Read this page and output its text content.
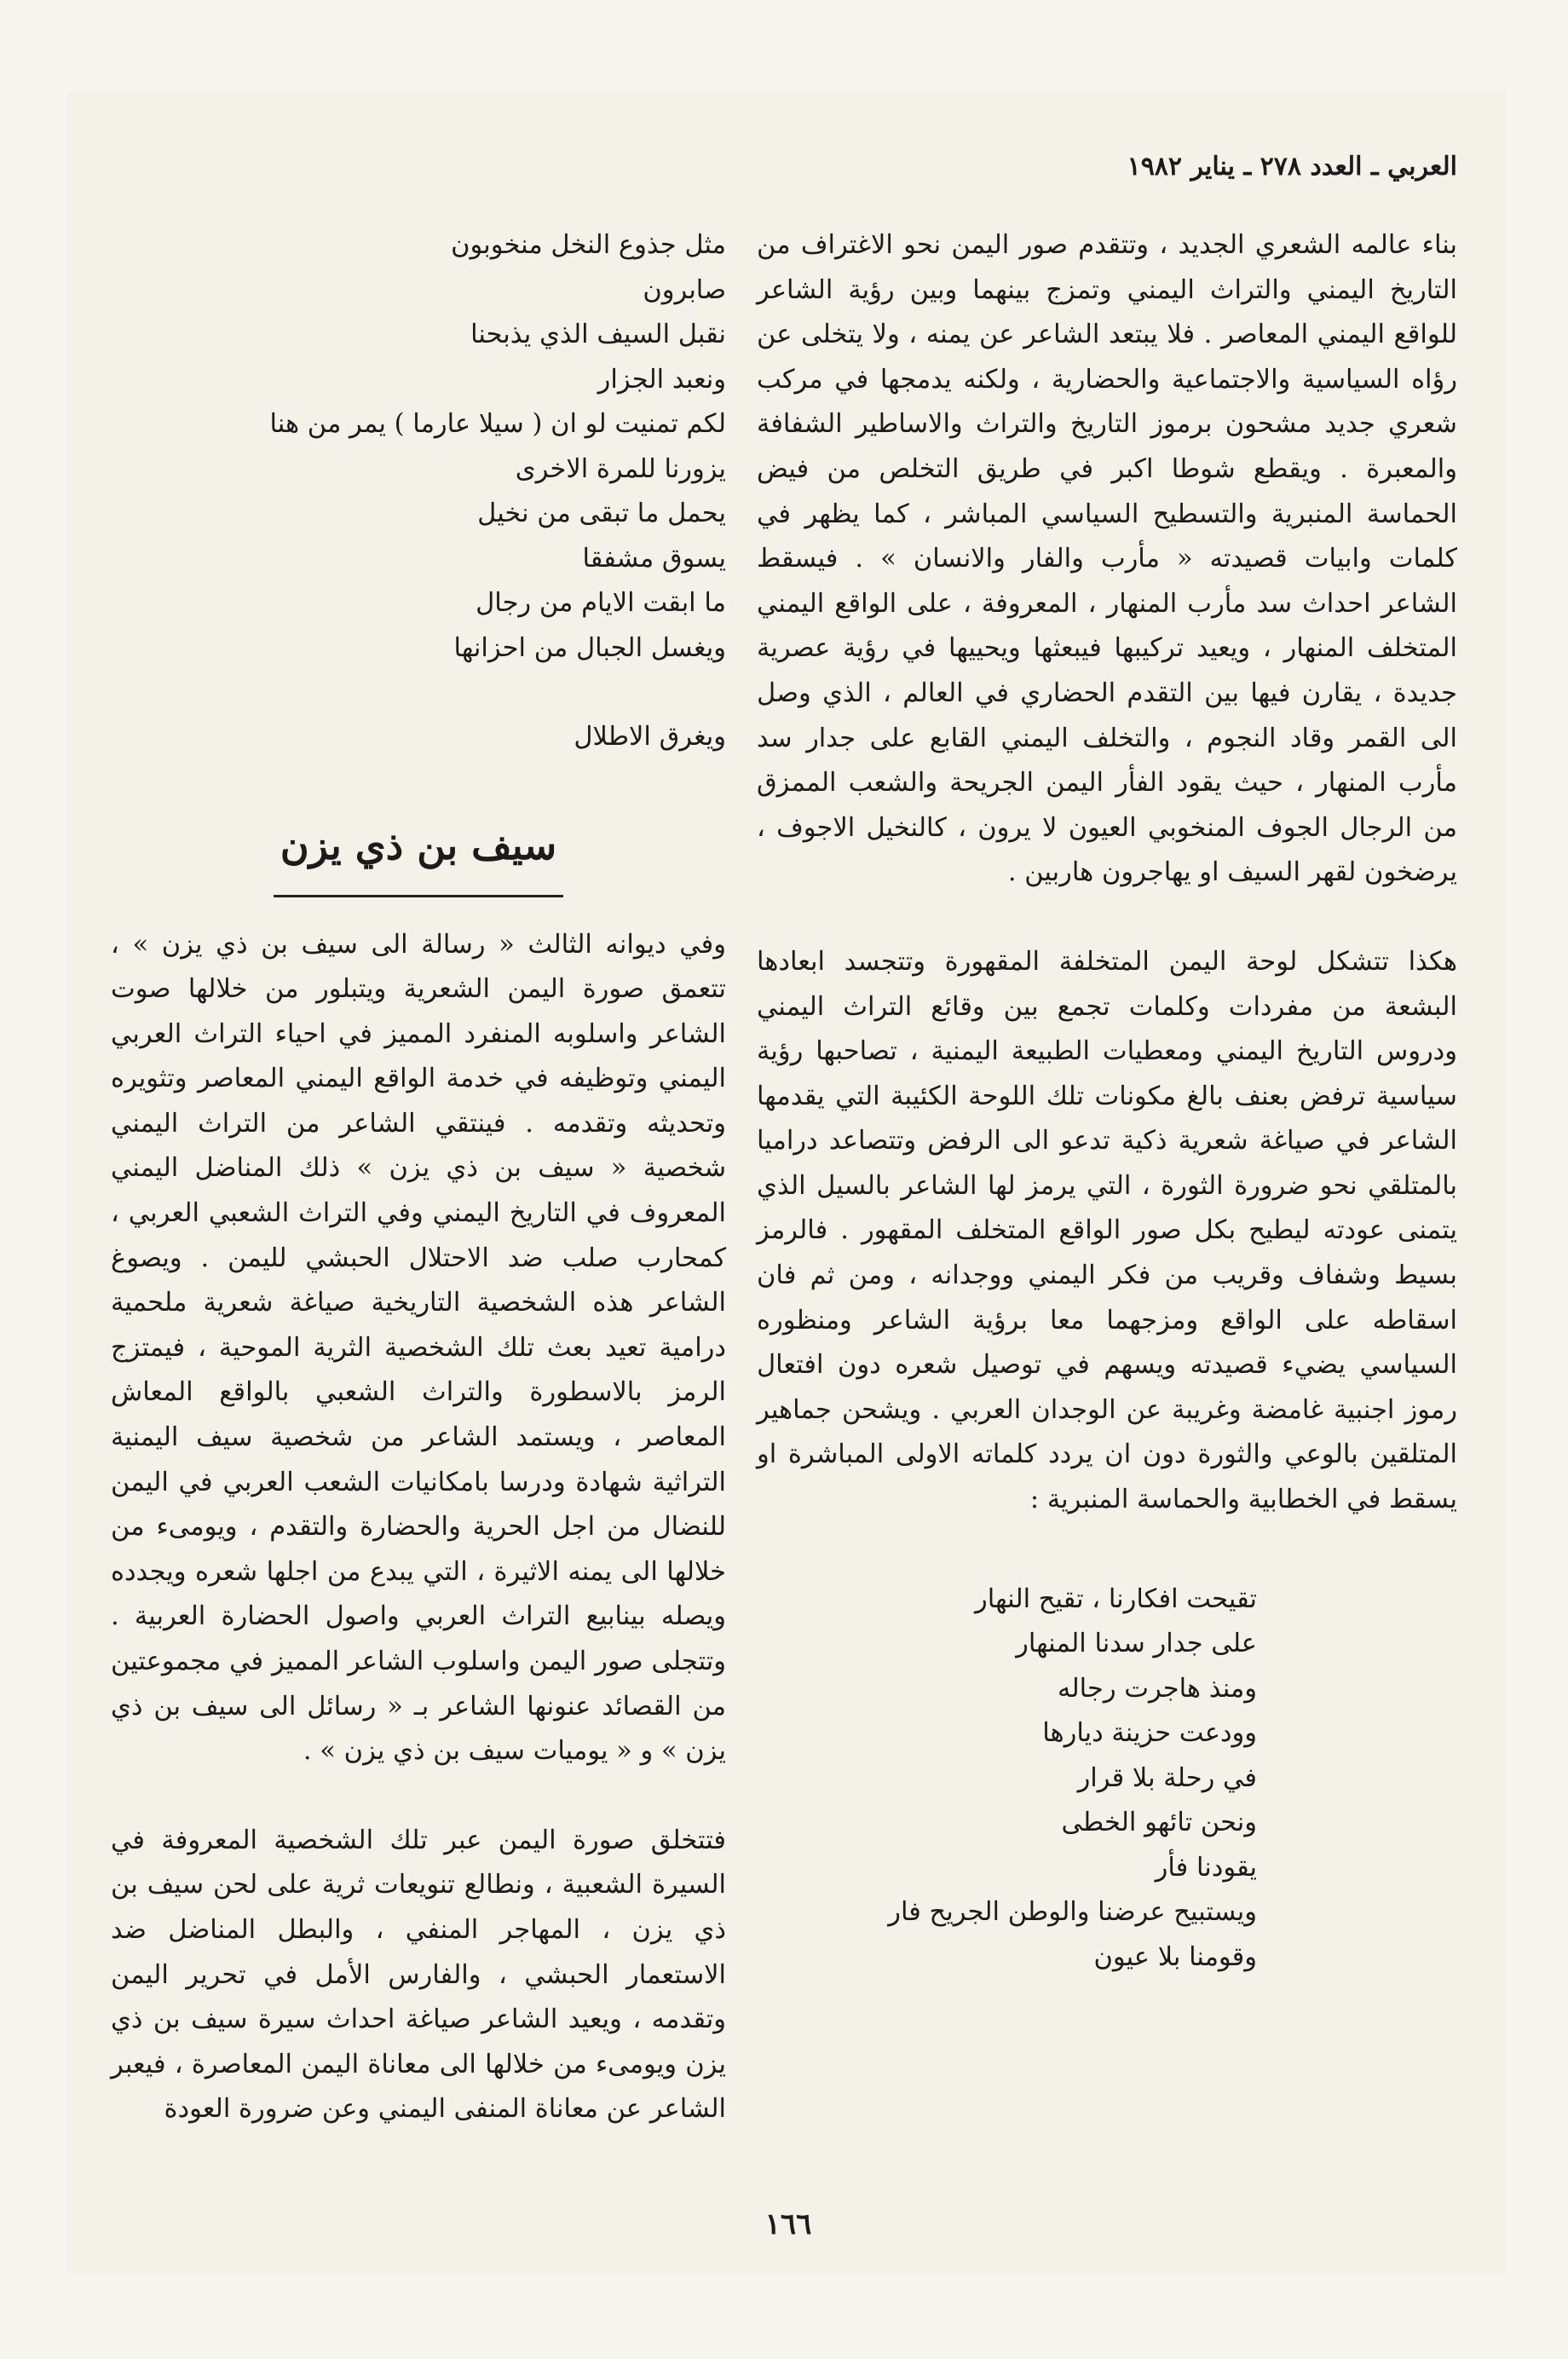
العربي ـ العدد ٢٧٨ ـ يناير ١٩٨٢

بناء عالمه الشعري الجديد ، وتتقدم صور اليمن نحو الاغتراف من التاريخ اليمني والتراث اليمني وتمزج بينهما وبين رؤية الشاعر للواقع اليمني المعاصر . فلا يبتعد الشاعر عن يمنه ، ولا يتخلى عن رؤاه السياسية والاجتماعية والحضارية ، ولكنه يدمجها في مركب شعري جديد مشحون برموز التاريخ والتراث والاساطير الشفافة والمعبرة . ويقطع شوطا اكبر في طريق التخلص من فيض الحماسة المنبرية والتسطيح السياسي المباشر ، كما يظهر في كلمات وابيات قصيدته « مأرب والفار والانسان » . فيسقط الشاعر احداث سد مأرب المنهار ، المعروفة ، على الواقع اليمني المتخلف المنهار ، ويعيد تركيبها فيبعثها ويحييها في رؤية عصرية جديدة ، يقارن فيها بين التقدم الحضاري في العالم ، الذي وصل الى القمر وقاد النجوم ، والتخلف اليمني القابع على جدار سد مأرب المنهار ، حيث يقود الفأر اليمن الجريحة والشعب الممزق من الرجال الجوف المنخوبي العيون لا يرون ، كالنخيل الاجوف ، يرضخون لقهر السيف او يهاجرون هاربين .

هكذا تتشكل لوحة اليمن المتخلفة المقهورة وتتجسد ابعادها البشعة من مفردات وكلمات تجمع بين وقائع التراث اليمني ودروس التاريخ اليمني ومعطيات الطبيعة اليمنية ، تصاحبها رؤية سياسية ترفض بعنف بالغ مكونات تلك اللوحة الكئيبة التي يقدمها الشاعر في صياغة شعرية ذكية تدعو الى الرفض وتتصاعد دراميا بالمتلقي نحو ضرورة الثورة ، التي يرمز لها الشاعر بالسيل الذي يتمنى عودته ليطيح بكل صور الواقع المتخلف المقهور . فالرمز بسيط وشفاف وقريب من فكر اليمني ووجدانه ، ومن ثم فان اسقاطه على الواقع ومزجهما معا برؤية الشاعر ومنظوره السياسي يضيء قصيدته ويسهم في توصيل شعره دون افتعال رموز اجنبية غامضة وغريبة عن الوجدان العربي . ويشحن جماهير المتلقين بالوعي والثورة دون ان يردد كلماته الاولى المباشرة او يسقط في الخطابية والحماسة المنبرية :

تقيحت افكارنا ، تقيح النهار
على جدار سدنا المنهار
ومنذ هاجرت رجاله
وودعت حزينة ديارها
في رحلة بلا قرار
ونحن تائهو الخطى
يقودنا فأر
ويستبيح عرضنا والوطن الجريح فار
وقومنا بلا عيون
مثل جذوع النخل منخوبون
صابرون
نقبل السيف الذي يذبحنا
ونعبد الجزار
لكم تمنيت لو ان ( سيلا عارما ) يمر من هنا
يزورنا للمرة الاخرى
يحمل ما تبقى من نخيل
يسوق مشفقا
ما ابقت الايام من رجال
ويغسل الجبال من احزانها
ويغرق الاطلال
سيف بن ذي يزن

وفي ديوانه الثالث « رسالة الى سيف بن ذي يزن » ، تتعمق صورة اليمن الشعرية ويتبلور من خلالها صوت الشاعر واسلوبه المنفرد المميز في احياء التراث العربي اليمني وتوظيفه في خدمة الواقع اليمني المعاصر وتثويره وتحديثه وتقدمه . فينتقي الشاعر من التراث اليمني شخصية « سيف بن ذي يزن » ذلك المناضل اليمني المعروف في التاريخ اليمني وفي التراث الشعبي العربي ، كمحارب صلب ضد الاحتلال الحبشي لليمن . ويصوغ الشاعر هذه الشخصية التاريخية صياغة شعرية ملحمية درامية تعيد بعث تلك الشخصية الثرية الموحية ، فيمتزج الرمز بالاسطورة والتراث الشعبي بالواقع المعاش المعاصر ، ويستمد الشاعر من شخصية سيف اليمنية التراثية شهادة ودرسا بامكانيات الشعب العربي في اليمن للنضال من اجل الحرية والحضارة والتقدم ، ويومىء من خلالها الى يمنه الاثيرة ، التي يبدع من اجلها شعره ويجدده ويصله بينابيع التراث العربي واصول الحضارة العربية . وتتجلى صور اليمن واسلوب الشاعر المميز في مجموعتين من القصائد عنونها الشاعر بـ « رسائل الى سيف بن ذي يزن » و « يوميات سيف بن ذي يزن » .

فتتخلق صورة اليمن عبر تلك الشخصية المعروفة في السيرة الشعبية ، ونطالع تنويعات ثرية على لحن سيف بن ذي يزن ، المهاجر المنفي ، والبطل المناضل ضد الاستعمار الحبشي ، والفارس الأمل في تحرير اليمن وتقدمه ، ويعيد الشاعر صياغة احداث سيرة سيف بن ذي يزن ويومىء من خلالها الى معاناة اليمن المعاصرة ، فيعبر الشاعر عن معاناة المنفى اليمني وعن ضرورة العودة

١٦٦
